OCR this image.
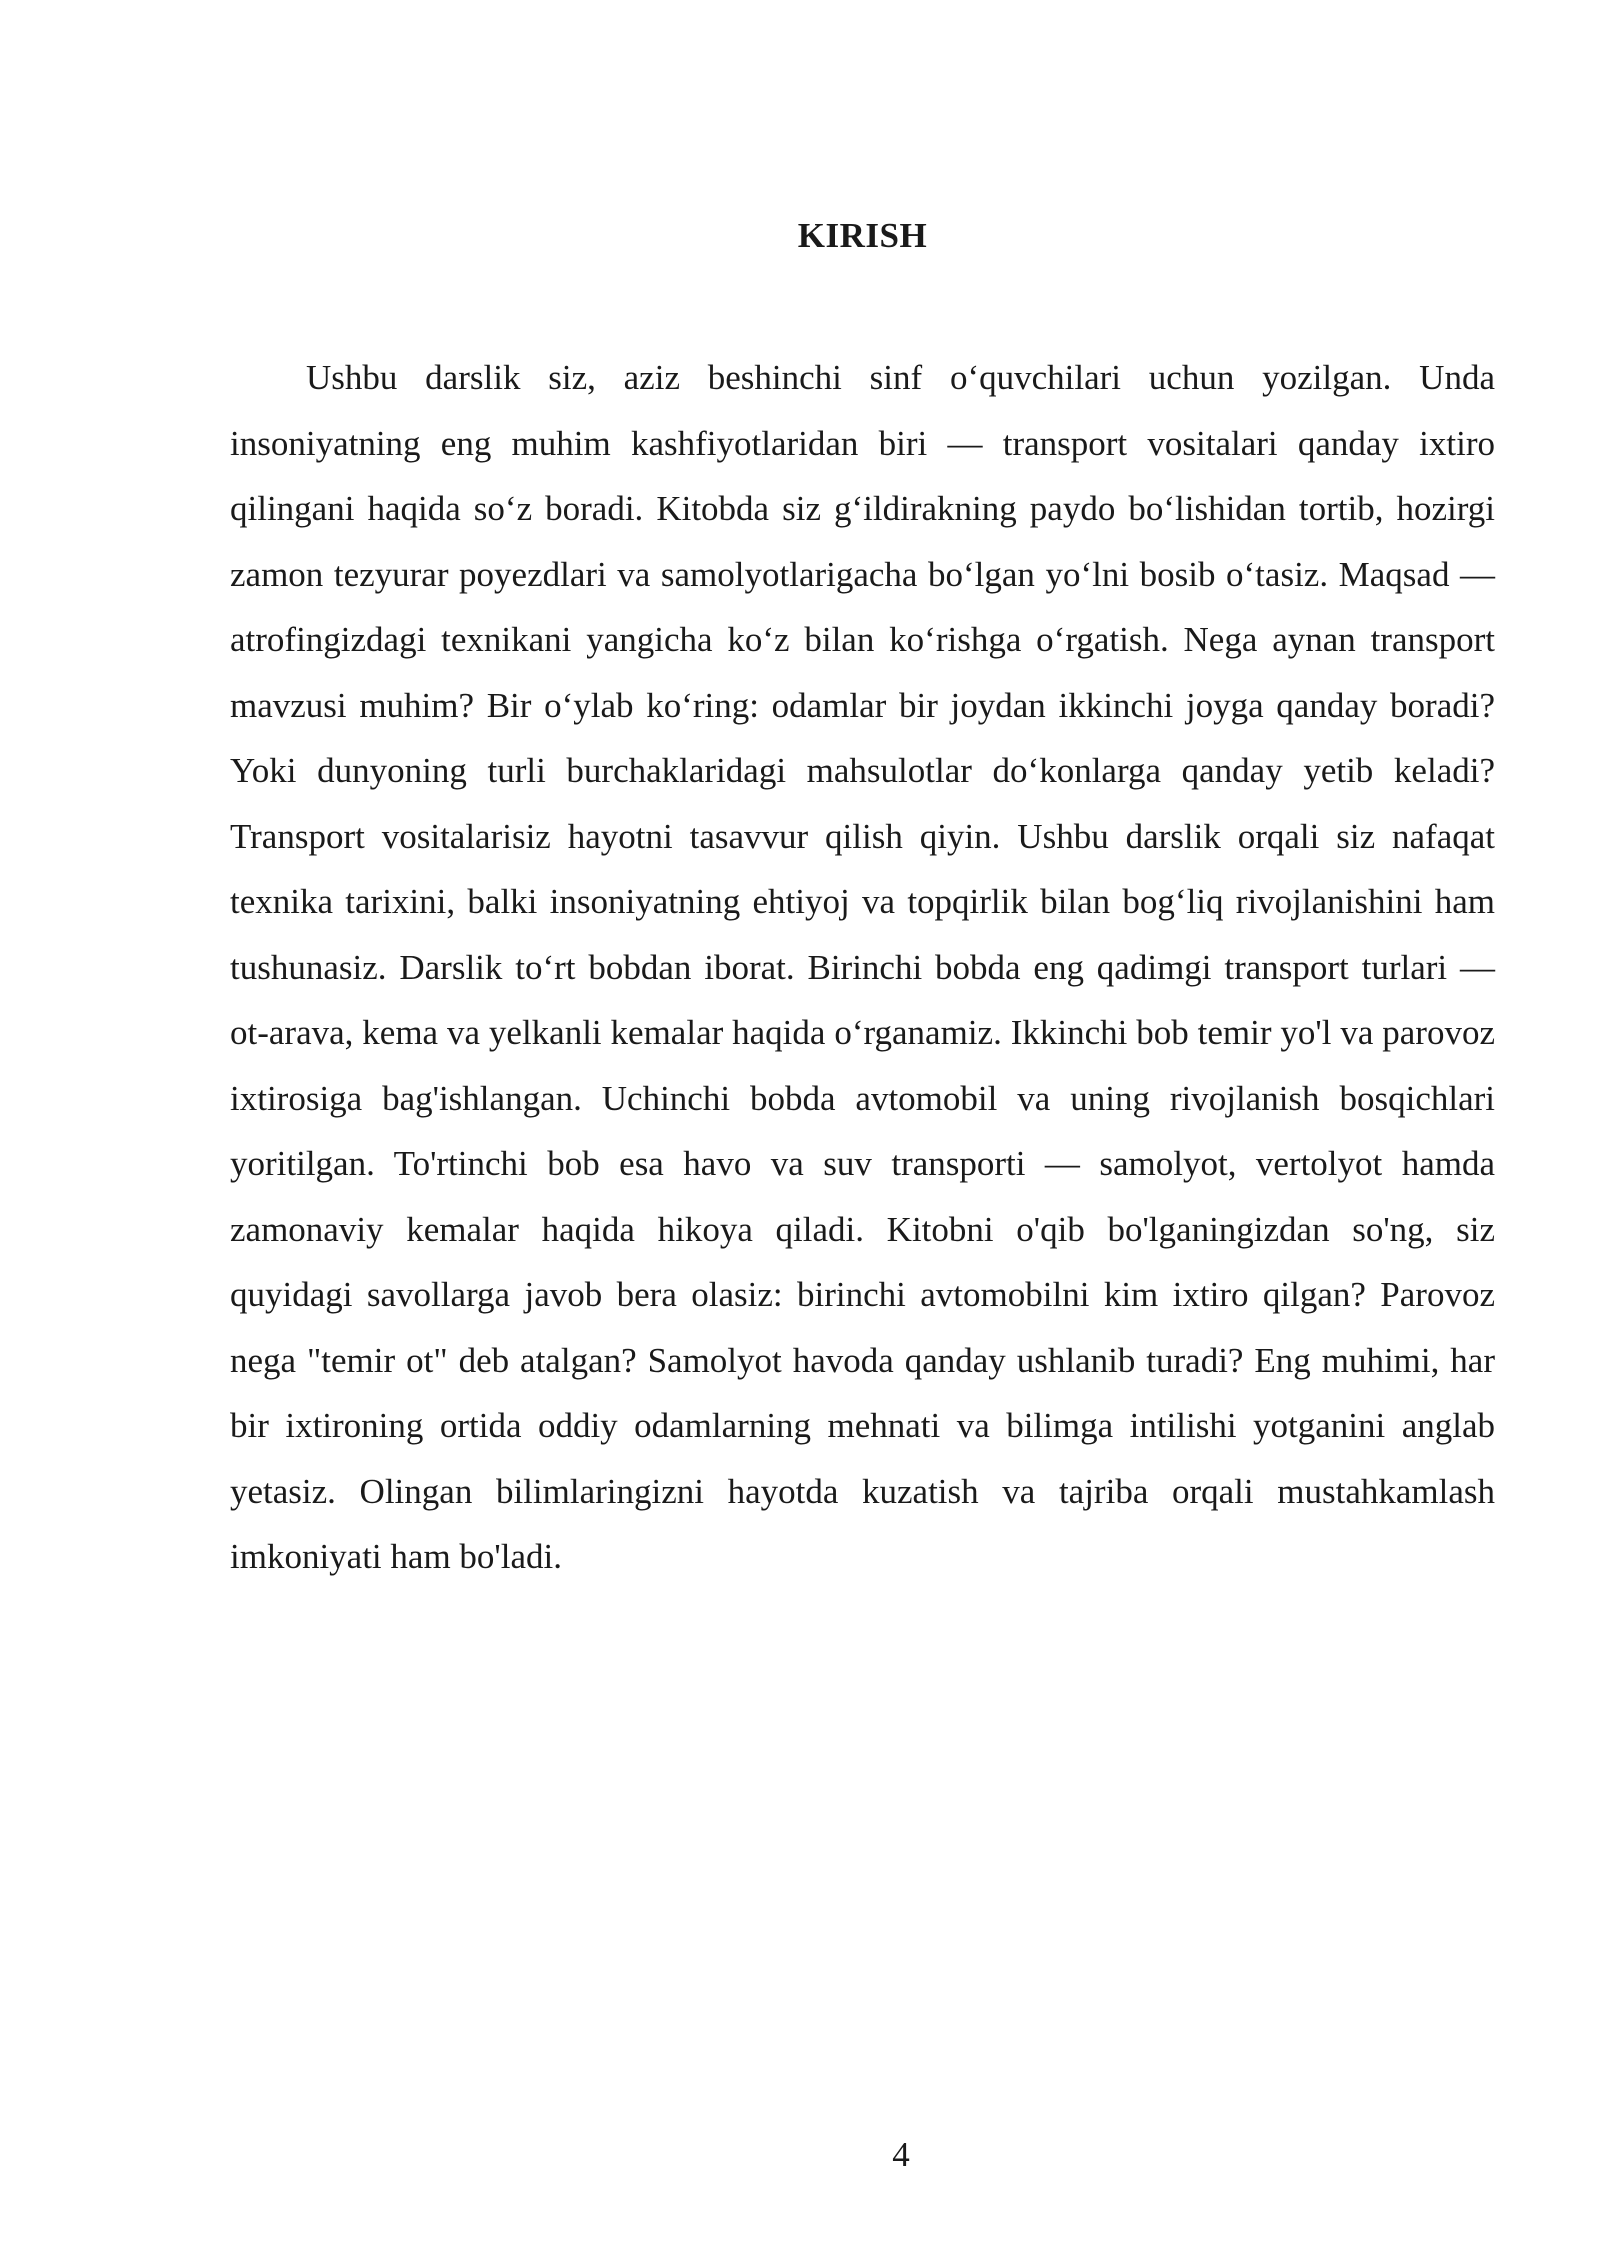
KIRISH

Ushbu darslik siz, aziz beshinchi sinf o‘quvchilari uchun yozilgan. Unda insoniyatning eng muhim kashfiyotlaridan biri — transport vositalari qanday ixtiro qilingani haqida so‘z boradi. Kitobda siz g‘ildirakning paydo bo‘lishidan tortib, hozirgi zamon tezyurar poyezdlari va samolyotlarigacha bo‘lgan yo‘lni bosib o‘tasiz. Maqsad — atrofingizdagi texnikani yangicha ko‘z bilan ko‘rishga o‘rgatish. Nega aynan transport mavzusi muhim? Bir o‘ylab ko‘ring: odamlar bir joydan ikkinchi joyga qanday boradi? Yoki dunyoning turli burchaklaridagi mahsulotlar do‘konlarga qanday yetib keladi? Transport vositalarisiz hayotni tasavvur qilish qiyin. Ushbu darslik orqali siz nafaqat texnika tarixini, balki insoniyatning ehtiyoj va topqirlik bilan bog‘liq rivojlanishini ham tushunasiz. Darslik to‘rt bobdan iborat. Birinchi bobda eng qadimgi transport turlari — ot-arava, kema va yelkanli kemalar haqida o‘rganamiz. Ikkinchi bob temir yo'l va parovoz ixtirosiga bag'ishlangan. Uchinchi bobda avtomobil va uning rivojlanish bosqichlari yoritilgan. To'rtinchi bob esa havo va suv transporti — samolyot, vertolyot hamda zamonaviy kemalar haqida hikoya qiladi. Kitobni o'qib bo'lganingizdan so'ng, siz quyidagi savollarga javob bera olasiz: birinchi avtomobilni kim ixtiro qilgan? Parovoz nega "temir ot" deb atalgan? Samolyot havoda qanday ushlanib turadi? Eng muhimi, har bir ixtironing ortida oddiy odamlarning mehnati va bilimga intilishi yotganini anglab yetasiz. Olingan bilimlaringizni hayotda kuzatish va tajriba orqali mustahkamlash imkoniyati ham bo'ladi.

4
